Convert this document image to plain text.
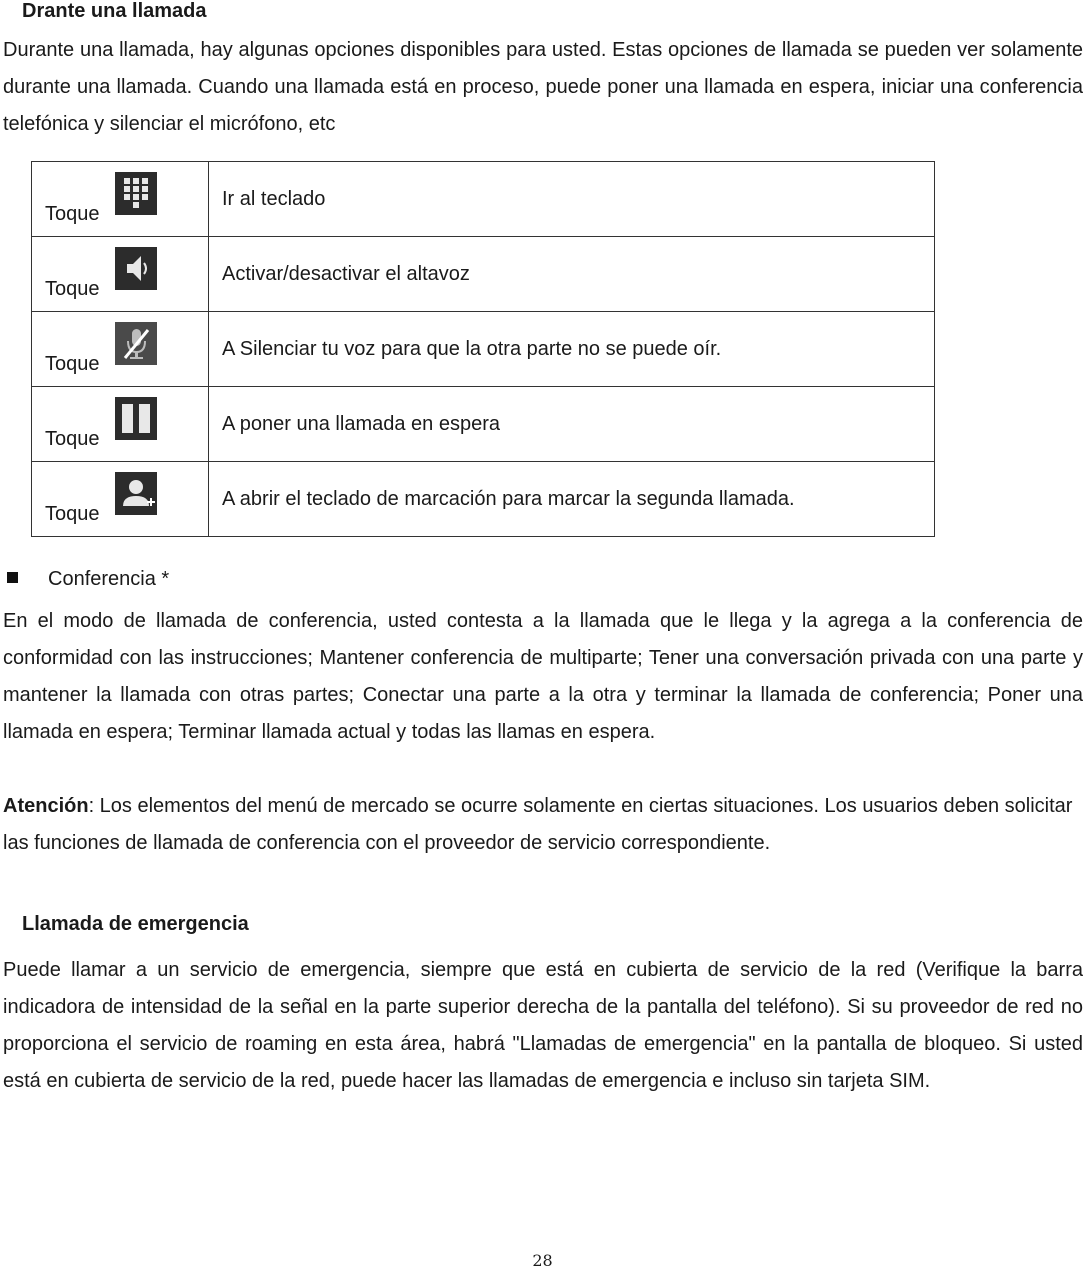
Drante una llamada
Durante una llamada, hay algunas opciones disponibles para usted. Estas opciones de llamada se pueden ver solamente durante una llamada. Cuando una llamada está en proceso, puede poner una llamada en espera, iniciar una conferencia telefónica y silenciar el micrófono, etc
Toque	Ir al teclado

Toque	Activar/desactivar el altavoz

Toque	A Silenciar tu voz para que la otra parte no se puede oír.

Toque	A poner una llamada en espera

Toque	A abrir el teclado de marcación para marcar la segunda llamada.
Conferencia *
En el modo de llamada de conferencia, usted contesta a la llamada que le llega y la agrega a la conferencia de conformidad con las instrucciones; Mantener conferencia de multiparte; Tener una conversación privada con una parte y mantener la llamada con otras partes; Conectar una parte a la otra y terminar la llamada de conferencia; Poner una llamada en espera; Terminar llamada actual y todas las llamas en espera.
Atención: Los elementos del menú de mercado se ocurre solamente en ciertas situaciones. Los usuarios deben solicitar las funciones de llamada de conferencia con el proveedor de servicio correspondiente.
Llamada de emergencia
Puede llamar a un servicio de emergencia, siempre que está en cubierta de servicio de la red (Verifique la barra indicadora de intensidad de la señal en la parte superior derecha de la pantalla del teléfono). Si su proveedor de red no proporciona el servicio de roaming en esta área, habrá "Llamadas de emergencia" en la pantalla de bloqueo. Si usted está en cubierta de servicio de la red, puede hacer las llamadas de emergencia e incluso sin tarjeta SIM.
28
